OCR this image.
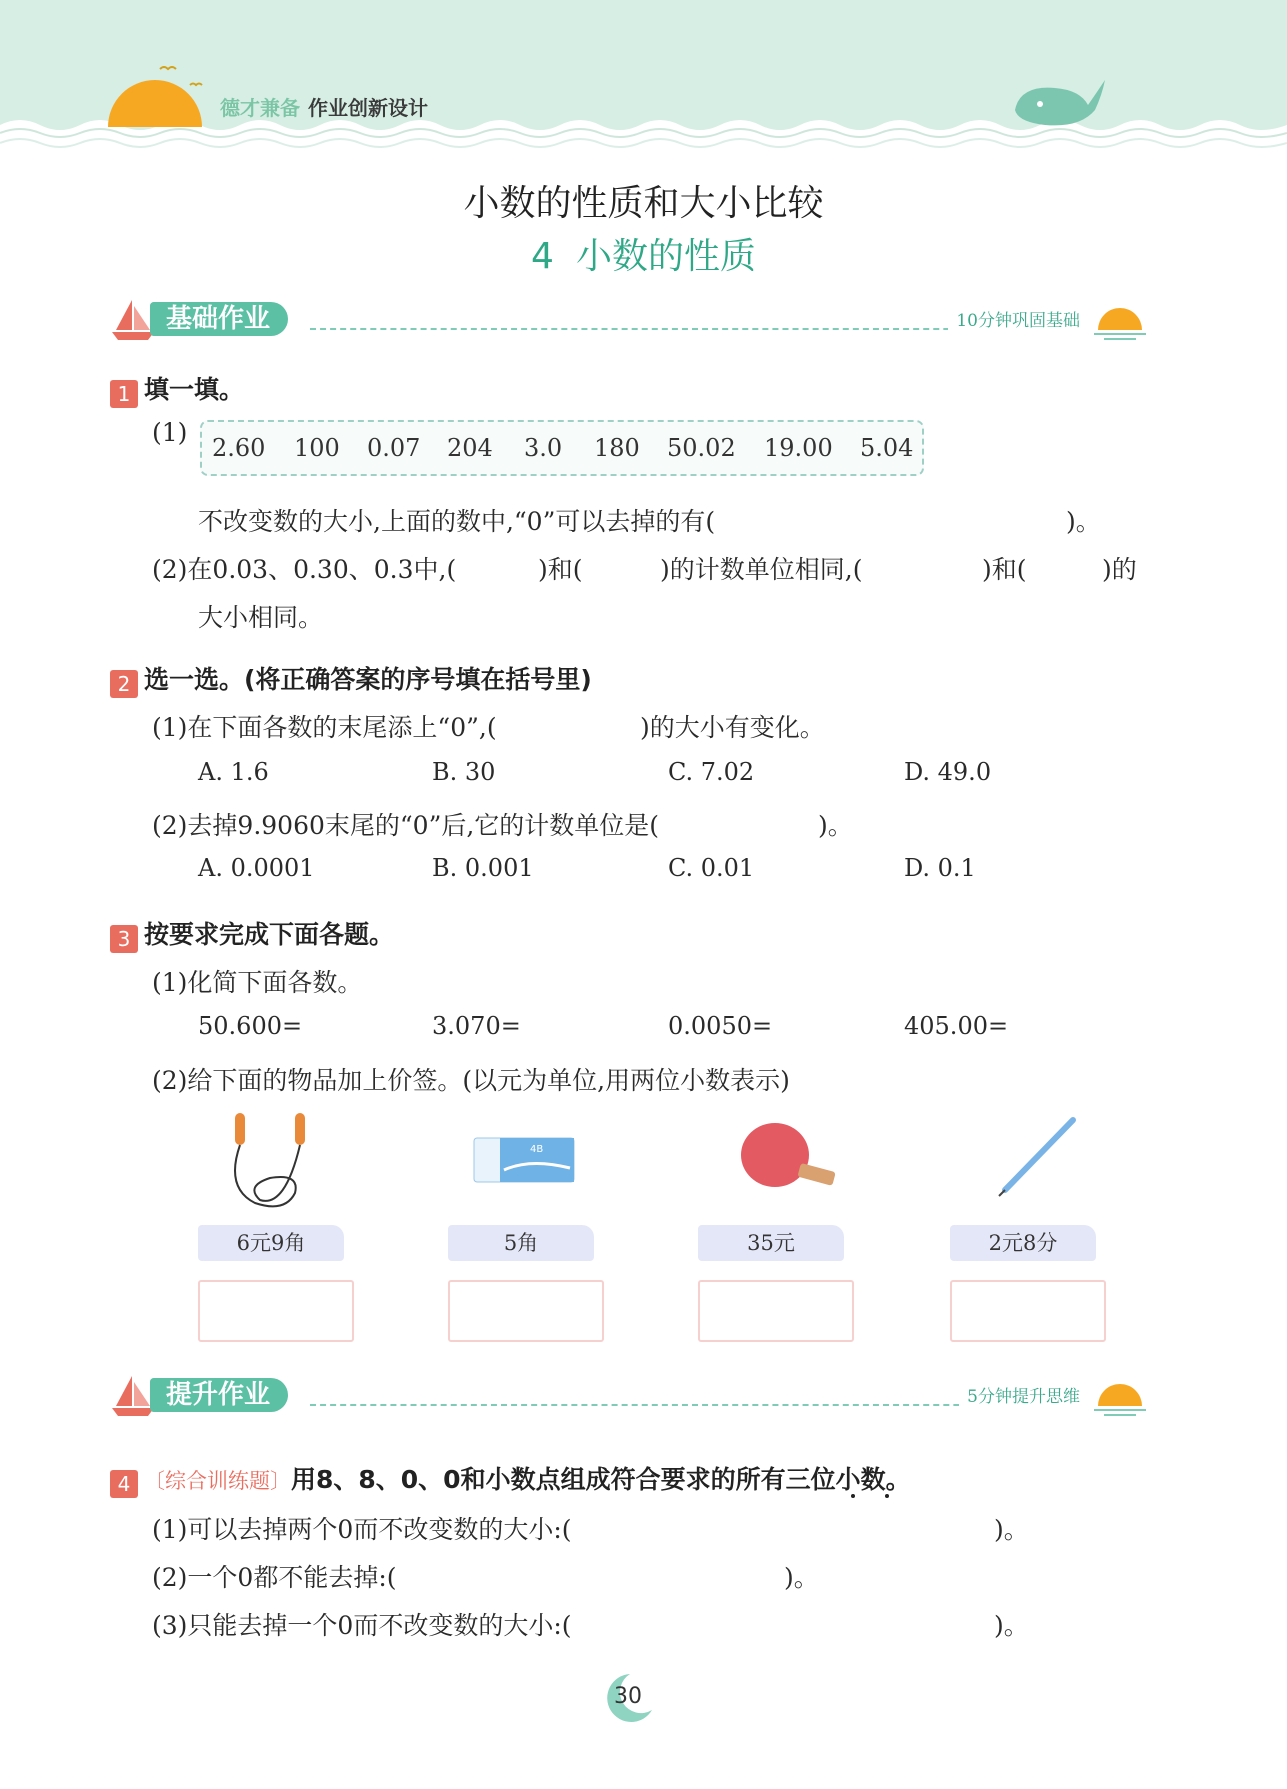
德才兼备 作业创新设计
小数的性质和大小比较
4 小数的性质
基础作业	10分钟巩固基础
1 填一填。
(1)
2.60 100 0.07 204 3.0 180 50.02 19.00 5.04
不改变数的大小,上面的数中,“0”可以去掉的有(	)。
(2)在0.03、0.30、0.3中,(	)和(	)的计数单位相同,(	)和(	)的
大小相同。
2 选一选。(将正确答案的序号填在括号里)
(1)在下面各数的末尾添上“0”,(	)的大小有变化。
A. 1.6	B. 30	C. 7.02	D. 49.0
(2)去掉9.9060末尾的“0”后,它的计数单位是(	)。
A. 0.0001	B. 0.001	C. 0.01	D. 0.1
3 按要求完成下面各题。
(1)化简下面各数。
50.600=	3.070=	0.0050=	405.00=
(2)给下面的物品加上价签。(以元为单位,用两位小数表示)
4B
6元9角	5角	35元	2元8分
提升作业	5分钟提升思维
4 〔综合训练题〕用8、8、0、0和小数点组成符合要求的所有三位小数。
(1)可以去掉两个0而不改变数的大小:(	)。
(2)一个0都不能去掉:(	)。
(3)只能去掉一个0而不改变数的大小:(	)。
30
